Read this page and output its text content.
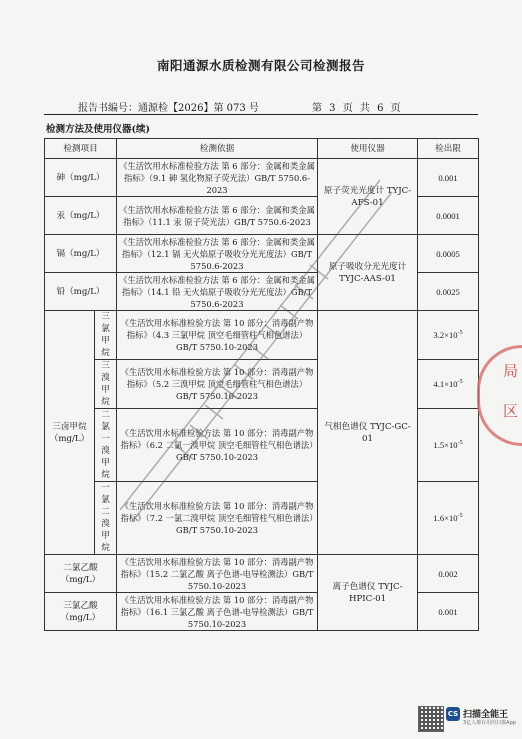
南阳通源水质检测有限公司检测报告
报告书编号：通源检【2026】第 073 号	第 3 页 共 6 页
检测方法及使用仪器(续)
检测项目		检测依据	使用仪器	检出限
砷（mg/L）		《生活饮用水标准检验方法 第 6 部分：金属和类金属指标》（9.1 砷 氢化物原子荧光法）GB/T 5750.6-2023	原子荧光光度计 TYJC-AFS-01	0.001
汞（mg/L）		《生活饮用水标准检验方法 第 6 部分：金属和类金属指标》（11.1 汞 原子荧光法）GB/T 5750.6-2023		0.0001
镉（mg/L）		《生活饮用水标准检验方法 第 6 部分：金属和类金属指标》（12.1 镉 无火焰原子吸收分光光度法）GB/T 5750.6-2023	原子吸收分光光度计 TYJC-AAS-01	0.0005
铅（mg/L）		《生活饮用水标准检验方法 第 6 部分：金属和类金属指标》（14.1 铅 无火焰原子吸收分光光度法）GB/T 5750.6-2023		0.0025
三卤甲烷（mg/L）	三氯甲烷	《生活饮用水标准检验方法 第 10 部分：消毒副产物指标》（4.3 三氯甲烷 顶空毛细管柱气相色谱法）GB/T 5750.10-2023	气相色谱仪 TYJC-GC-01	$3.2\times 10^{-5}$
	三溴甲烷	《生活饮用水标准检验方法 第 10 部分：消毒副产物指标》（5.2 三溴甲烷 顶空毛细管柱气相色谱法）GB/T 5750.10-2023		$4.1\times 10^{-5}$
	二氯一溴甲烷	《生活饮用水标准检验方法 第 10 部分：消毒副产物指标》（6.2 二氯一溴甲烷 顶空毛细管柱气相色谱法）GB/T 5750.10-2023		$1.5\times 10^{-5}$
	一氯二溴甲烷	《生活饮用水标准检验方法 第 10 部分：消毒副产物指标》（7.2 一氯二溴甲烷 顶空毛细管柱气相色谱法）GB/T 5750.10-2023		$1.6\times 10^{-5}$
二氯乙酸（mg/L）		《生活饮用水标准检验方法 第 10 部分：消毒副产物指标》（15.2 二氯乙酸 离子色谱-电导检测法）GB/T 5750.10-2023	离子色谱仪 TYJC-HPIC-01	0.002
三氯乙酸（mg/L）		《生活饮用水标准检验方法 第 10 部分：消毒副产物指标》（16.1 三氯乙酸 离子色谱-电导检测法）GB/T 5750.10-2023		0.001
局
区
CS 扫描全能王
3亿人都在用的扫描App
